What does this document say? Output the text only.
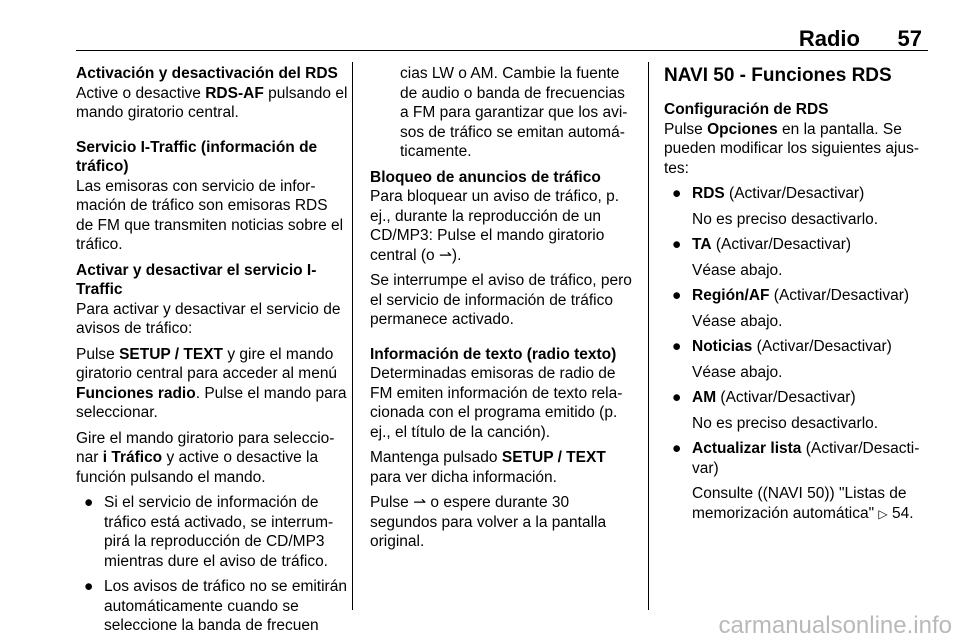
Radio 57
Activación y desactivación del RDS

Active o desactive RDS-AF pulsando el mando giratorio central.

Servicio I-Traffic (información de tráfico)

Las emisoras con servicio de información de tráfico son emisoras RDS de FM que transmiten noticias sobre el tráfico.

Activar y desactivar el servicio I-Traffic

Para activar y desactivar el servicio de avisos de tráfico:

Pulse SETUP / TEXT y gire el mando giratorio central para acceder al menú Funciones radio. Pulse el mando para seleccionar.

Gire el mando giratorio para seleccionar i Tráfico y active o desactive la función pulsando el mando.

● Si el servicio de información de tráfico está activado, se interrumpirá la reproducción de CD/MP3 mientras dure el aviso de tráfico.
● Los avisos de tráfico no se emitirán automáticamente cuando se seleccione la banda de frecuen

cias LW o AM. Cambie la fuente de audio o banda de frecuencias a FM para garantizar que los avisos de tráfico se emitan automáticamente.

Bloqueo de anuncios de tráfico

Para bloquear un aviso de tráfico, p. ej., durante la reproducción de un CD/MP3: Pulse el mando giratorio central (o ⇀).

Se interrumpe el aviso de tráfico, pero el servicio de información de tráfico permanece activado.

Información de texto (radio texto)

Determinadas emisoras de radio de FM emiten información de texto relacionada con el programa emitido (p. ej., el título de la canción).

Mantenga pulsado SETUP / TEXT para ver dicha información.

Pulse ⇀ o espere durante 30 segundos para volver a la pantalla original.

NAVI 50 - Funciones RDS
Configuración de RDS

Pulse Opciones en la pantalla. Se pueden modificar los siguientes ajustes:

● RDS (Activar/Desactivar)

No es preciso desactivarlo.

● TA (Activar/Desactivar)

Véase abajo.

● Región/AF (Activar/Desactivar)

Véase abajo.

● Noticias (Activar/Desactivar)

Véase abajo.

● AM (Activar/Desactivar)

No es preciso desactivarlo.

● Actualizar lista (Activar/Desactivar)

Consulte ((NAVI 50)) "Listas de memorización automática" ▷ 54.

carmanualsonline.info
